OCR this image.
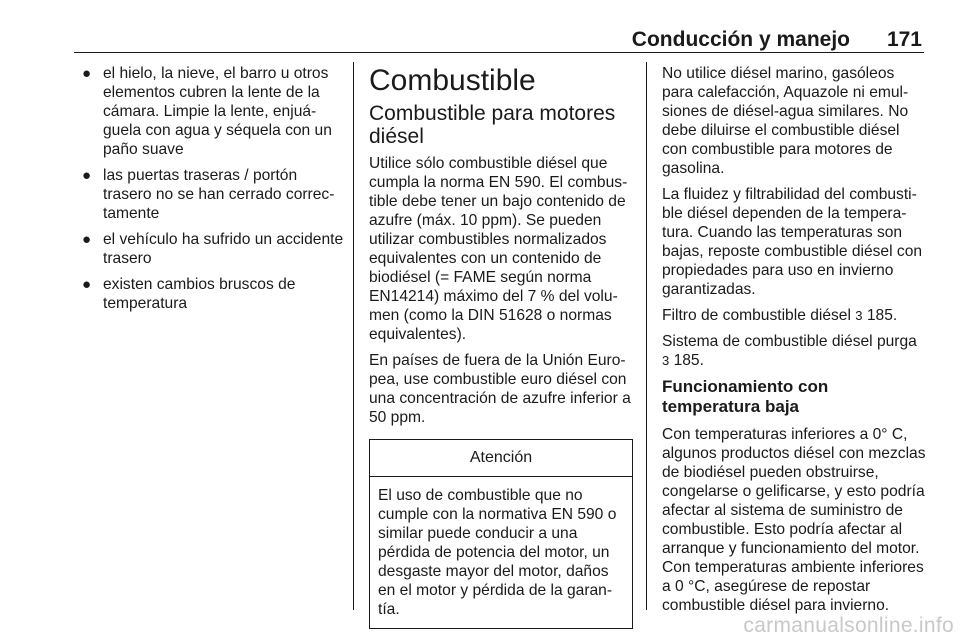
Conducción y manejo 171
● el hielo, la nieve, el barro u otros elementos cubren la lente de la cámara. Limpie la lente, enjuáguela con agua y séquela con un paño suave
● las puertas traseras / portón trasero no se han cerrado correctamente
● el vehículo ha sufrido un accidente trasero
● existen cambios bruscos de temperatura
Combustible
Combustible para motores diésel

Utilice sólo combustible diésel que cumpla la norma EN 590. El combustible debe tener un bajo contenido de azufre (máx. 10 ppm). Se pueden utilizar combustibles normalizados equivalentes con un contenido de biodiésel (= FAME según norma EN14214) máximo del 7 % del volumen (como la DIN 51628 o normas equivalentes).

En países de fuera de la Unión Europea, use combustible euro diésel con una concentración de azufre inferior a 50 ppm.

Atención
El uso de combustible que no cumple con la normativa EN 590 o similar puede conducir a una pérdida de potencia del motor, un desgaste mayor del motor, daños en el motor y pérdida de la garantía.

No utilice diésel marino, gasóleos para calefacción, Aquazole ni emulsiones de diésel-agua similares. No debe diluirse el combustible diésel con combustible para motores de gasolina.

La fluidez y filtrabilidad del combustible diésel dependen de la temperatura. Cuando las temperaturas son bajas, reposte combustible diésel con propiedades para uso en invierno garantizadas.

Filtro de combustible diésel 3 185.

Sistema de combustible diésel purga
3 185.

Funcionamiento con temperatura baja

Con temperaturas inferiores a 0° C, algunos productos diésel con mezclas de biodiésel pueden obstruirse, congelarse o gelificarse, y esto podría afectar al sistema de suministro de combustible. Esto podría afectar al arranque y funcionamiento del motor. Con temperaturas ambiente inferiores a 0 °C, asegúrese de repostar combustible diésel para invierno.

carmanualsonline.info
